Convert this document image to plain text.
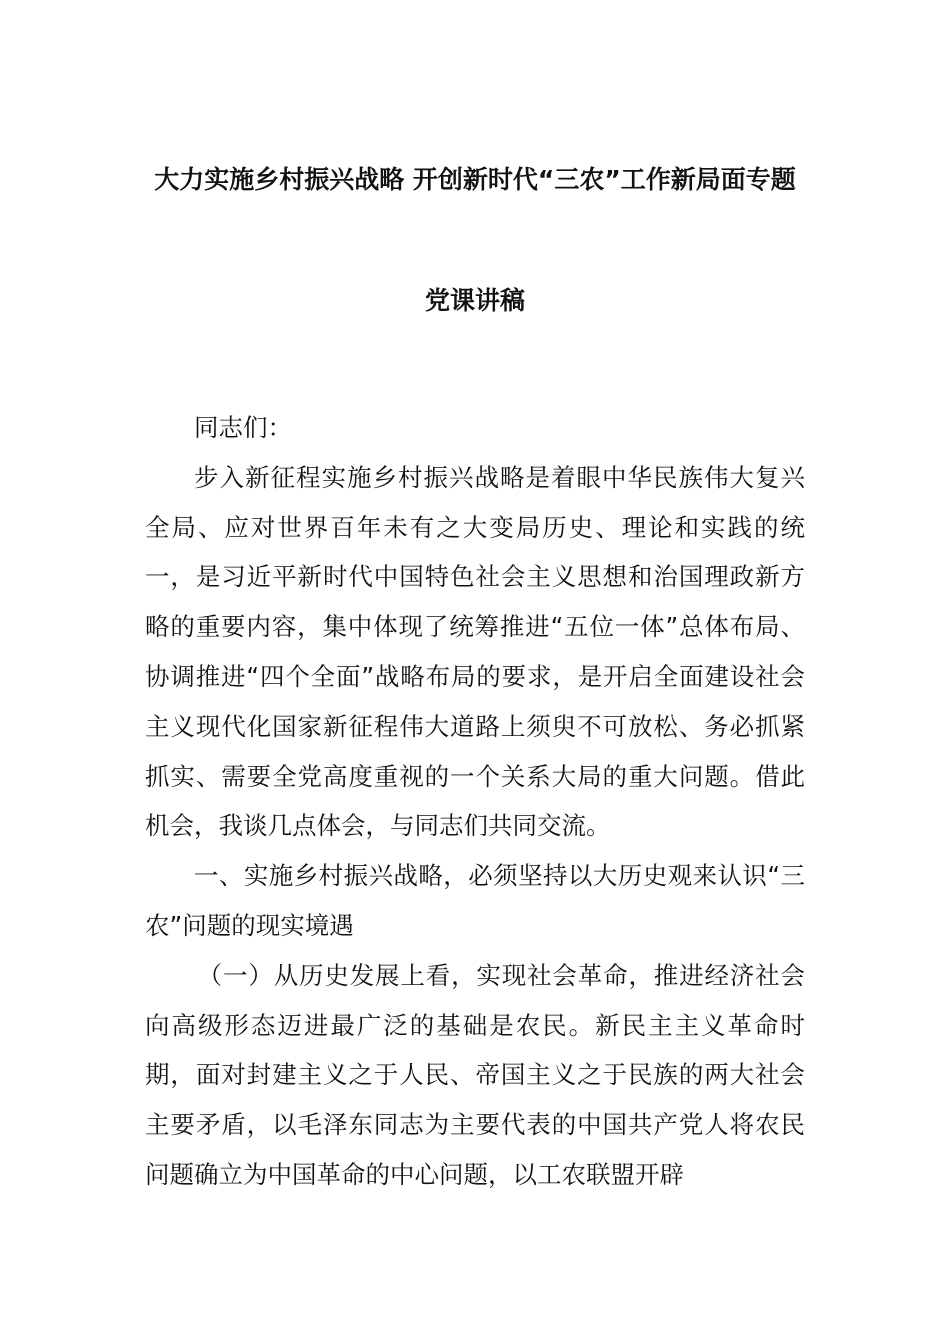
大力实施乡村振兴战略 开创新时代“三农”工作新局面专题
党课讲稿

同志们：

步入新征程实施乡村振兴战略是着眼中华民族伟大复兴全局、应对世界百年未有之大变局历史、理论和实践的统一，是习近平新时代中国特色社会主义思想和治国理政新方略的重要内容，集中体现了统筹推进“五位一体”总体布局、协调推进“四个全面”战略布局的要求，是开启全面建设社会主义现代化国家新征程伟大道路上须臾不可放松、务必抓紧抓实、需要全党高度重视的一个关系大局的重大问题。借此机会，我谈几点体会，与同志们共同交流。

一、实施乡村振兴战略，必须坚持以大历史观来认识“三农”问题的现实境遇

（一）从历史发展上看，实现社会革命，推进经济社会向高级形态迈进最广泛的基础是农民。新民主主义革命时期，面对封建主义之于人民、帝国主义之于民族的两大社会主要矛盾，以毛泽东同志为主要代表的中国共产党人将农民问题确立为中国革命的中心问题，以工农联盟开辟
